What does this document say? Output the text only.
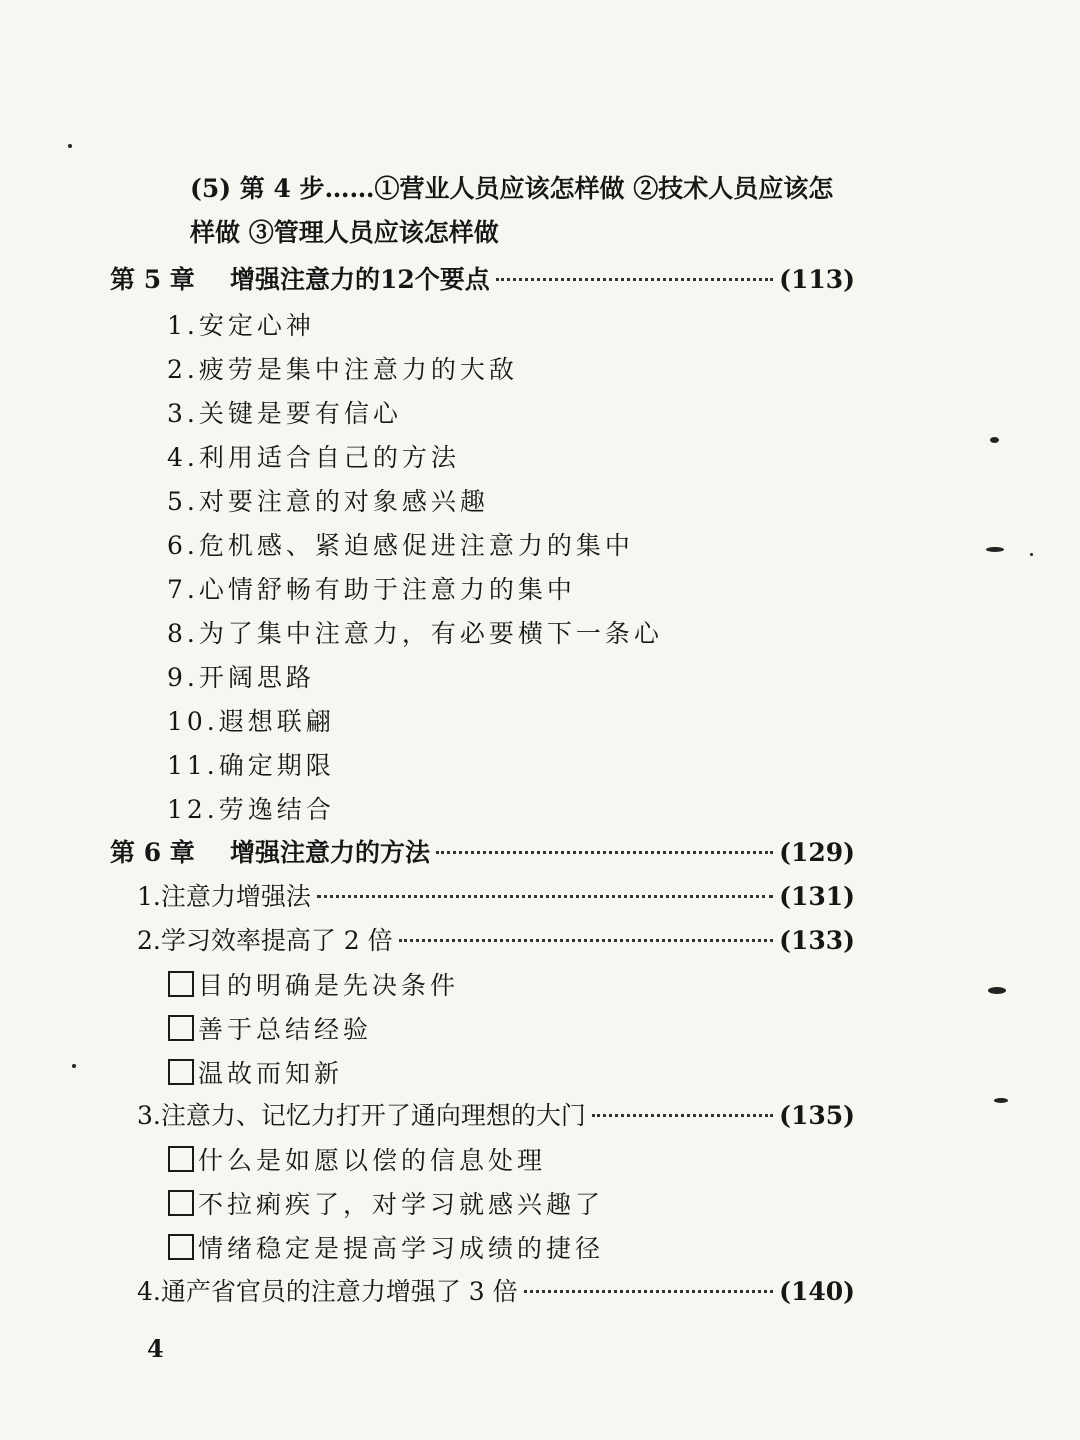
(5) 第 4 步……①营业人员应该怎样做 ②技术人员应该怎
样做 ③管理人员应该怎样做
第 5 章	增强注意力的12个要点	(113)
1.安定心神
2.疲劳是集中注意力的大敌
3.关键是要有信心
4.利用适合自己的方法
5.对要注意的对象感兴趣
6.危机感、紧迫感促进注意力的集中
7.心情舒畅有助于注意力的集中
8.为了集中注意力，有必要横下一条心
9.开阔思路
10.遐想联翩
11.确定期限
12.劳逸结合
第 6 章	增强注意力的方法	(129)
1.注意力增强法	(131)
2.学习效率提高了 2 倍	(133)
目的明确是先决条件
善于总结经验
温故而知新
3.注意力、记忆力打开了通向理想的大门	(135)
什么是如愿以偿的信息处理
不拉痢疾了，对学习就感兴趣了
情绪稳定是提高学习成绩的捷径
4.通产省官员的注意力增强了 3 倍	(140)
4
